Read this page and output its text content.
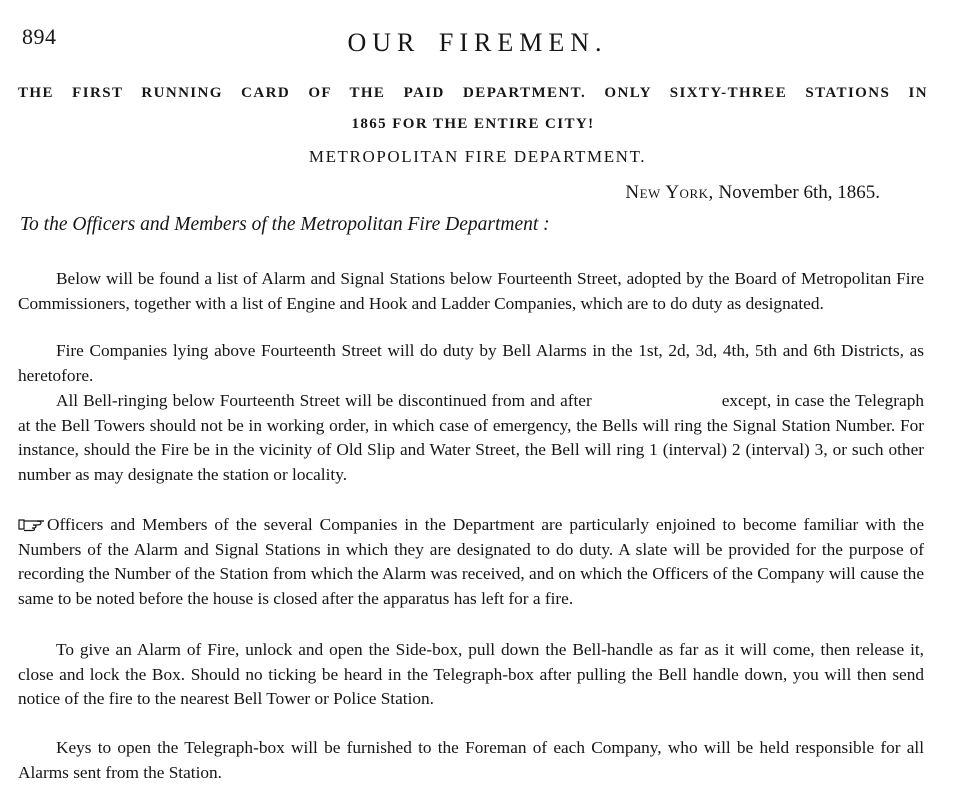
894	OUR FIREMEN.
THE FIRST RUNNING CARD OF THE PAID DEPARTMENT. ONLY SIXTY-THREE STATIONS IN
1865 FOR THE ENTIRE CITY!
METROPOLITAN FIRE DEPARTMENT.
New York, November 6th, 1865.
To the Officers and Members of the Metropolitan Fire Department :

Below will be found a list of Alarm and Signal Stations below Fourteenth Street, adopted by the Board of Metropolitan Fire Commissioners, together with a list of Engine and Hook and Ladder Companies, which are to do duty as designated.

Fire Companies lying above Fourteenth Street will do duty by Bell Alarms in the 1st, 2d, 3d, 4th, 5th and 6th Districts, as heretofore.

All Bell-ringing below Fourteenth Street will be discontinued from and after	except, in case the Telegraph at the Bell Towers should not be in working order, in which case of emergency, the Bells will ring the Signal Station Number. For instance, should the Fire be in the vicinity of Old Slip and Water Street, the Bell will ring 1 (interval) 2 (interval) 3, or such other number as may designate the station or locality.

Officers and Members of the several Companies in the Department are particularly enjoined to become familiar with the Numbers of the Alarm and Signal Stations in which they are designated to do duty. A slate will be provided for the purpose of recording the Number of the Station from which the Alarm was received, and on which the Officers of the Company will cause the same to be noted before the house is closed after the apparatus has left for a fire.

To give an Alarm of Fire, unlock and open the Side-box, pull down the Bell-handle as far as it will come, then release it, close and lock the Box. Should no ticking be heard in the Telegraph-box after pulling the Bell handle down, you will then send notice of the fire to the nearest Bell Tower or Police Station.

Keys to open the Telegraph-box will be furnished to the Foreman of each Company, who will be held responsible for all Alarms sent from the Station.
